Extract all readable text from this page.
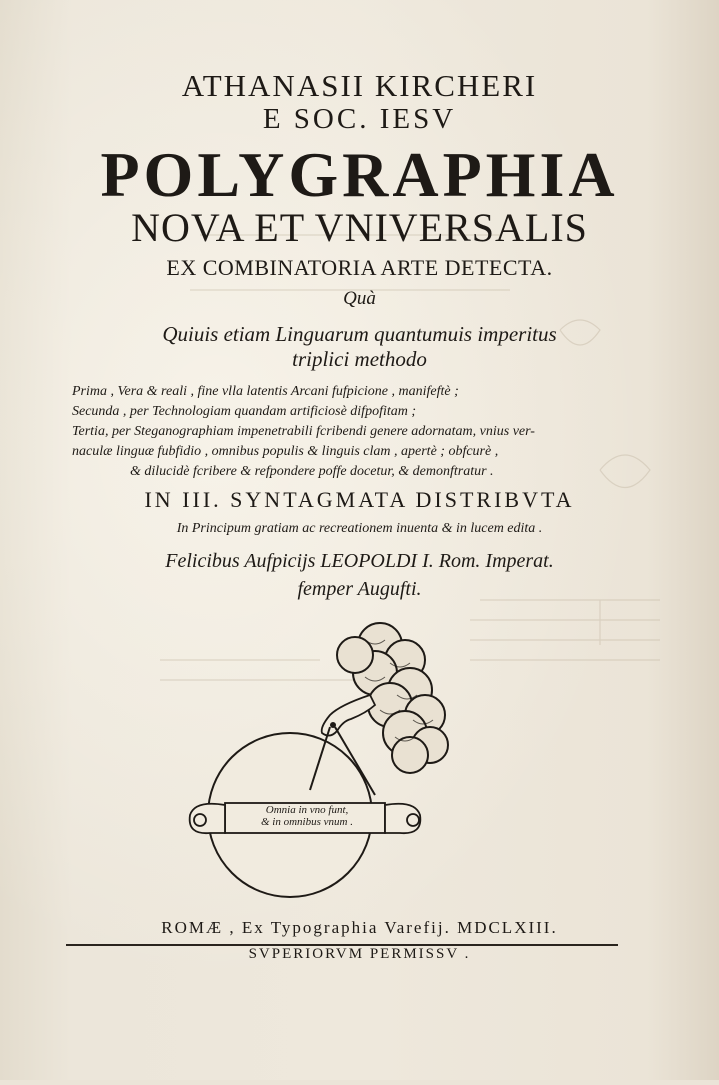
ATHANASII KIRCHERI
E SOC. IESV
POLYGRAPHIA
NOVA ET VNIVERSALIS
EX COMBINATORIA ARTE DETECTA.
Quà
Quiuis etiam Linguarum quantumuis imperitus
triplici methodo
Prima , Vera & reali , fine vlla latentis Arcani fufpicione , manifeftè ;
Secunda , per Technologiam quandam artificiosè difpofitam ;
Tertia, per Steganographiam impenetrabili fcribendi genere adornatam, vnius ver-
naculæ linguæ fubfidio , omnibus populis & linguis clam , apertè ; obfcurè ,
& dilucidè fcribere & refpondere poffe docetur, & demonftratur .
IN III. SYNTAGMATA DISTRIBVTA
In Principum gratiam ac recreationem inuenta & in lucem edita .
Felicibus Aufpicijs LEOPOLDI I. Rom. Imperat.
femper Augufti.
Omnia in vno funt,
& in omnibus vnum .
ROMÆ , Ex Typographia Varefij. MDCLXIII.
SVPERIORVM PERMISSV .
